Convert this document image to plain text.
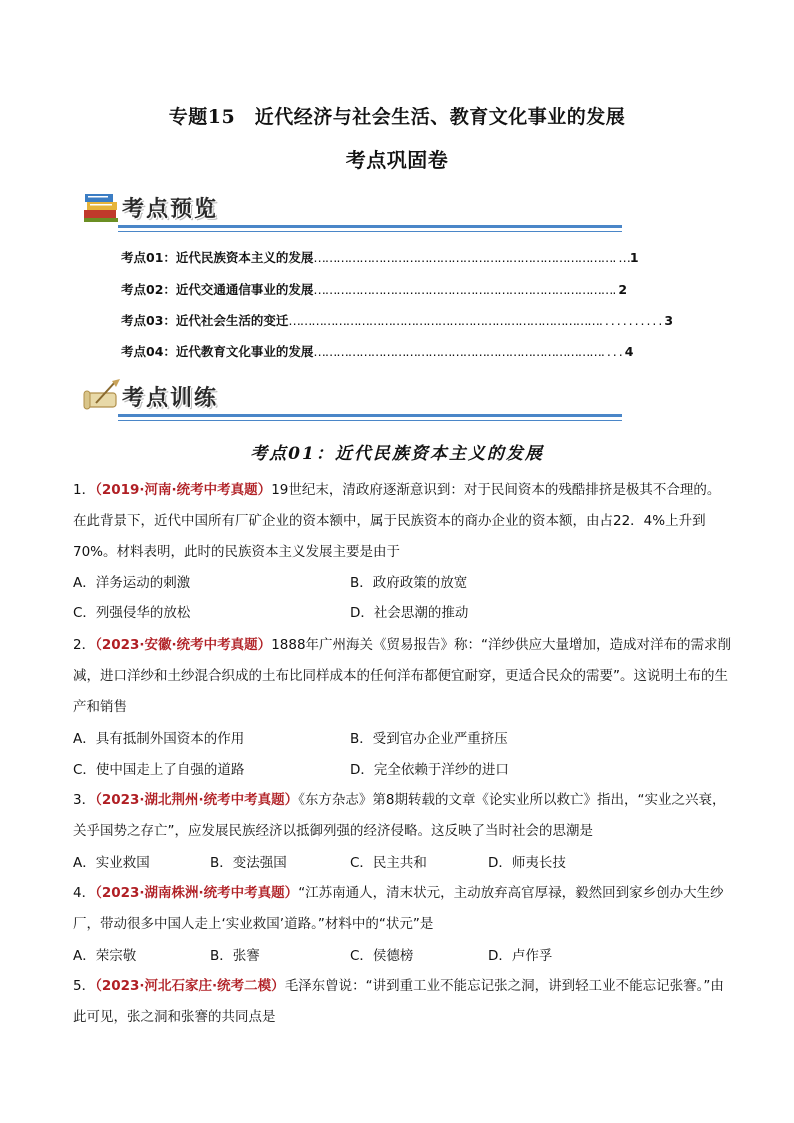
专题15　近代经济与社会生活、教育文化事业的发展
考点巩固卷
考点预览
考点01：近代民族资本主义的发展……………………………………………………………………. …1
考点02：近代交通通信事业的发展……………………………………………………………………. 2
考点03：近代社会生活的变迁………………………………………………………………………. . . . . . . . . . . 3
考点04：近代教育文化事业的发展…………………………………………………………………. . . . 4
考点训练
考点01：近代民族资本主义的发展
1．（2019·河南·统考中考真题）19世纪末，清政府逐渐意识到：对于民间资本的残酷排挤是极其不合理的。在此背景下，近代中国所有厂矿企业的资本额中，属于民族资本的商办企业的资本额，由占22．4%上升到70%。材料表明，此时的民族资本主义发展主要是由于
A．洋务运动的刺激	B．政府政策的放宽
C．列强侵华的放松	D．社会思潮的推动
2．（2023·安徽·统考中考真题）1888年广州海关《贸易报告》称：“洋纱供应大量增加，造成对洋布的需求削减，进口洋纱和土纱混合织成的土布比同样成本的任何洋布都便宜耐穿，更适合民众的需要”。这说明土布的生产和销售
A．具有抵制外国资本的作用	B．受到官办企业严重挤压
C．使中国走上了自强的道路	D．完全依赖于洋纱的进口
3．（2023·湖北荆州·统考中考真题）《东方杂志》第8期转载的文章《论实业所以救亡》指出，“实业之兴衰，关乎国势之存亡”，应发展民族经济以抵御列强的经济侵略。这反映了当时社会的思潮是
A．实业救国	B．变法强国	C．民主共和	D．师夷长技
4．（2023·湖南株洲·统考中考真题）“江苏南通人，清末状元，主动放弃高官厚禄，毅然回到家乡创办大生纱厂，带动很多中国人走上‘实业救国’道路。”材料中的“状元”是
A．荣宗敬	B．张謇	C．侯德榜	D．卢作孚
5．（2023·河北石家庄·统考二模）毛泽东曾说：“讲到重工业不能忘记张之洞，讲到轻工业不能忘记张謇。”由此可见，张之洞和张謇的共同点是
